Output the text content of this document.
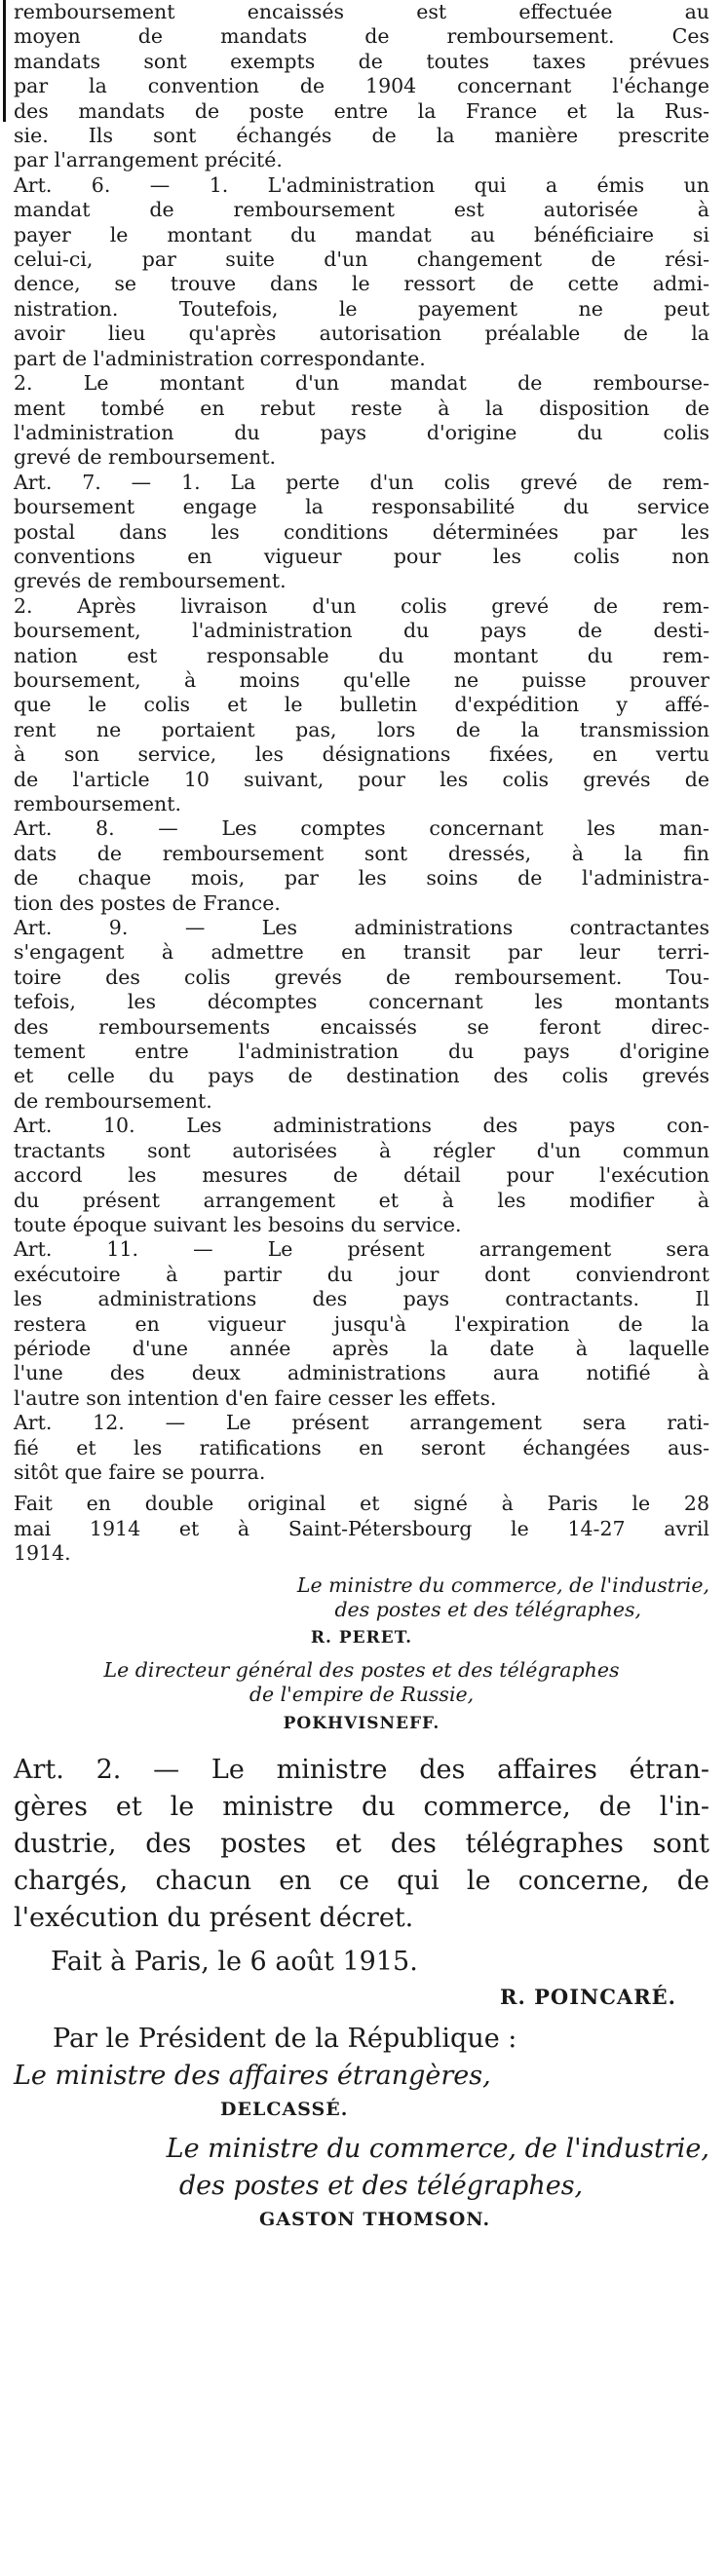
remboursement encaissés est effectuée au
moyen de mandats de remboursement. Ces
mandats sont exempts de toutes taxes prévues
par la convention de 1904 concernant l'échange
des mandats de poste entre la France et la Rus-
sie. Ils sont échangés de la manière prescrite
par l'arrangement précité.
Art. 6. — 1. L'administration qui a émis un
mandat de remboursement est autorisée à
payer le montant du mandat au bénéficiaire si
celui-ci, par suite d'un changement de rési-
dence, se trouve dans le ressort de cette admi-
nistration. Toutefois, le payement ne peut
avoir lieu qu'après autorisation préalable de la
part de l'administration correspondante.
2. Le montant d'un mandat de rembourse-
ment tombé en rebut reste à la disposition de
l'administration du pays d'origine du colis
grevé de remboursement.
Art. 7. — 1. La perte d'un colis grevé de rem-
boursement engage la responsabilité du service
postal dans les conditions déterminées par les
conventions en vigueur pour les colis non
grevés de remboursement.
2. Après livraison d'un colis grevé de rem-
boursement, l'administration du pays de desti-
nation est responsable du montant du rem-
boursement, à moins qu'elle ne puisse prouver
que le colis et le bulletin d'expédition y affé-
rent ne portaient pas, lors de la transmission
à son service, les désignations fixées, en vertu
de l'article 10 suivant, pour les colis grevés de
remboursement.
Art. 8. — Les comptes concernant les man-
dats de remboursement sont dressés, à la fin
de chaque mois, par les soins de l'administra-
tion des postes de France.
Art. 9. — Les administrations contractantes
s'engagent à admettre en transit par leur terri-
toire des colis grevés de remboursement. Tou-
tefois, les décomptes concernant les montants
des remboursements encaissés se feront direc-
tement entre l'administration du pays d'origine
et celle du pays de destination des colis grevés
de remboursement.
Art. 10. Les administrations des pays con-
tractants sont autorisées à régler d'un commun
accord les mesures de détail pour l'exécution
du présent arrangement et à les modifier à
toute époque suivant les besoins du service.
Art. 11. — Le présent arrangement sera
exécutoire à partir du jour dont conviendront
les administrations des pays contractants. Il
restera en vigueur jusqu'à l'expiration de la
période d'une année après la date à laquelle
l'une des deux administrations aura notifié à
l'autre son intention d'en faire cesser les effets.
Art. 12. — Le présent arrangement sera rati-
fié et les ratifications en seront échangées aus-
sitôt que faire se pourra.
Fait en double original et signé à Paris le 28
mai 1914 et à Saint-Pétersbourg le 14-27 avril
1914.
Le ministre du commerce, de l'industrie,
des postes et des télégraphes,
R. PERET.
Le directeur général des postes et des télégraphes
de l'empire de Russie,
POKHVISNEFF.
Art. 2. — Le ministre des affaires étran-
gères et le ministre du commerce, de l'in-
dustrie, des postes et des télégraphes sont
chargés, chacun en ce qui le concerne, de
l'exécution du présent décret.
Fait à Paris, le 6 août 1915.
R. POINCARÉ.
Par le Président de la République :
Le ministre des affaires étrangères,
DELCASSÉ.
Le ministre du commerce, de l'industrie,
des postes et des télégraphes,
GASTON THOMSON.
